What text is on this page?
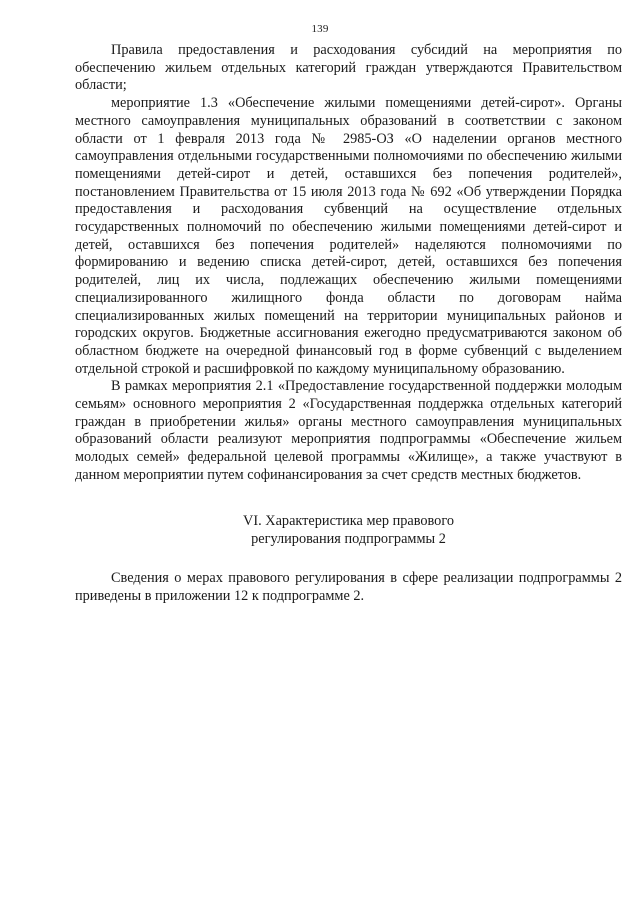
139

Правила предоставления и расходования субсидий на мероприятия по обеспечению жильем отдельных категорий граждан утверждаются Правительством области;

мероприятие 1.3 «Обеспечение жилыми помещениями детей-сирот». Органы местного самоуправления муниципальных образований в соответствии с законом области от 1 февраля 2013 года № 2985-ОЗ «О наделении органов местного самоуправления отдельными государственными полномочиями по обеспечению жилыми помещениями детей-сирот и детей, оставшихся без попечения родителей», постановлением Правительства от 15 июля 2013 года № 692 «Об утверждении Порядка предоставления и расходования субвенций на осуществление отдельных государственных полномочий по обеспечению жилыми помещениями детей-сирот и детей, оставшихся без попечения родителей» наделяются полномочиями по формированию и ведению списка детей-сирот, детей, оставшихся без попечения родителей, лиц их числа, подлежащих обеспечению жилыми помещениями специализированного жилищного фонда области по договорам найма специализированных жилых помещений на территории муниципальных районов и городских округов. Бюджетные ассигнования ежегодно предусматриваются законом об областном бюджете на очередной финансовый год в форме субвенций с выделением отдельной строкой и расшифровкой по каждому муниципальному образованию.

В рамках мероприятия 2.1 «Предоставление государственной поддержки молодым семьям» основного мероприятия 2 «Государственная поддержка отдельных категорий граждан в приобретении жилья» органы местного самоуправления муниципальных образований области реализуют мероприятия подпрограммы «Обеспечение жильем молодых семей» федеральной целевой программы «Жилище», а также участвуют в данном мероприятии путем софинансирования за счет средств местных бюджетов.

VI. Характеристика мер правового
регулирования подпрограммы 2

Сведения о мерах правового регулирования в сфере реализации подпрограммы 2 приведены в приложении 12 к подпрограмме 2.
